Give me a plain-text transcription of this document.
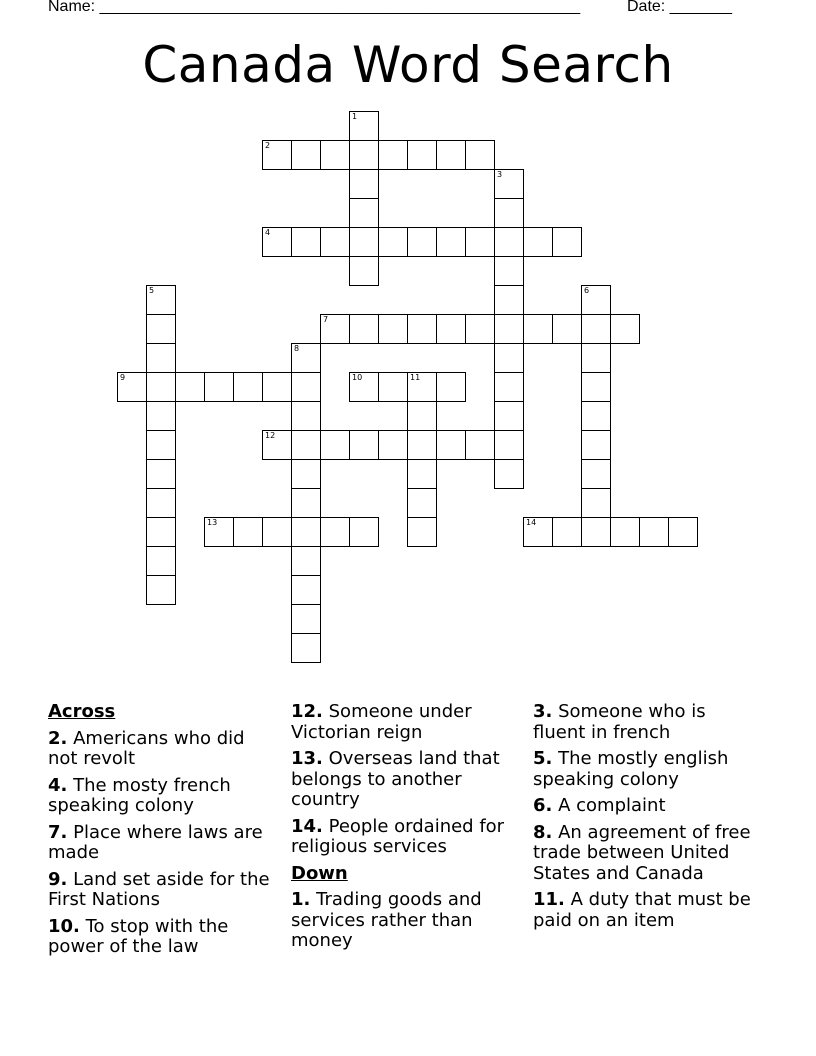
Name: ______________________________________________________	Date: _______
Canada Word Search
1
2
3
4
5	6
7
8
9	10	11
12
13	14
Across
2. Americans who did not revolt
4. The mosty french speaking colony
7. Place where laws are made
9. Land set aside for the First Nations
10. To stop with the power of the law
12. Someone under Victorian reign
13. Overseas land that belongs to another country
14. People ordained for religious services
Down
1. Trading goods and services rather than money
3. Someone who is fluent in french
5. The mostly english speaking colony
6. A complaint
8. An agreement of free trade between United States and Canada
11. A duty that must be paid on an item
